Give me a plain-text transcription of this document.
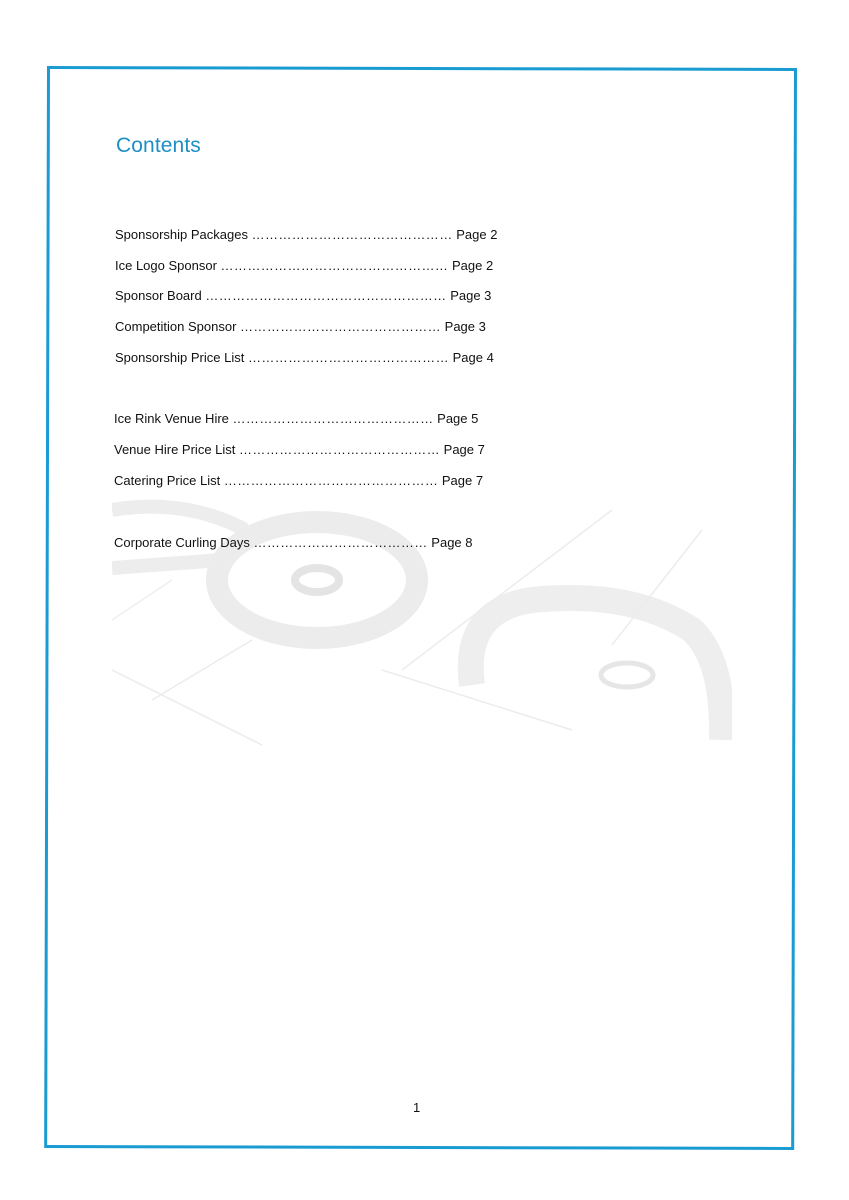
Contents
Sponsorship Packages ……………………………………… Page 2
Ice Logo Sponsor …………………………………………… Page 2
Sponsor Board ……………………………………………… Page 3
Competition Sponsor ……………………………………… Page 3
Sponsorship Price List ……………………………………… Page 4
Ice Rink Venue Hire ……………………………………… Page 5
Venue Hire Price List ……………………………………… Page 7
Catering Price List ………………………………………… Page 7
Corporate Curling Days ………………………………… Page 8
1
